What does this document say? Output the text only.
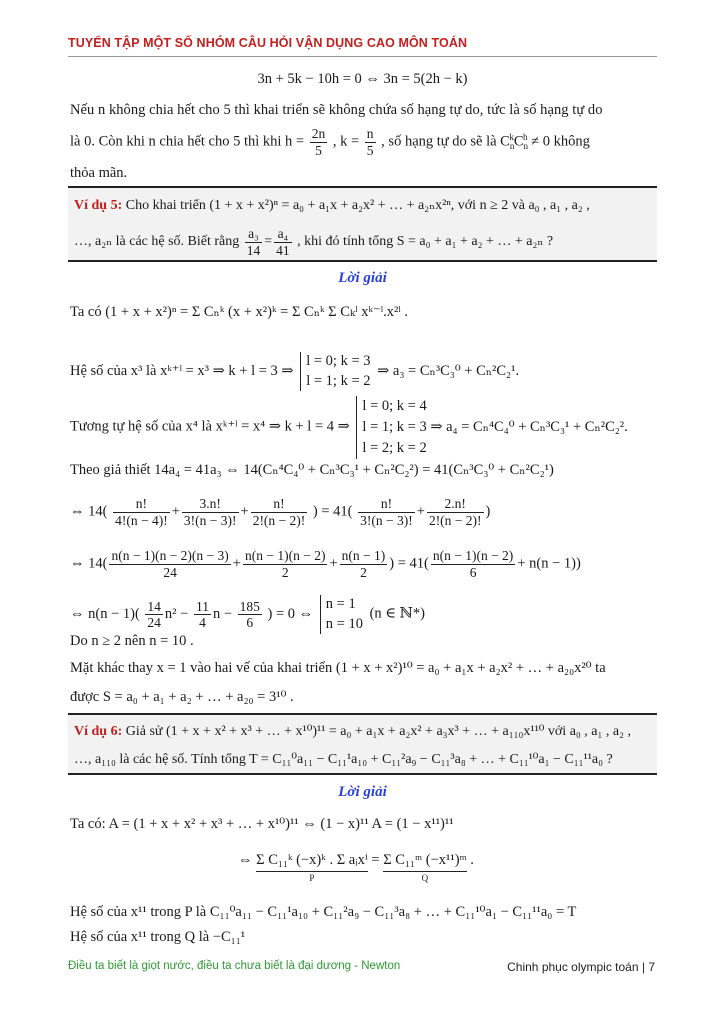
TUYỂN TẬP MỘT SỐ NHÓM CÂU HỎI VẬN DỤNG CAO MÔN TOÁN
3n + 5k − 10h = 0 ⇔ 3n = 5(2h − k)
Nếu n không chia hết cho 5 thì khai triển sẽ không chứa số hạng tự do, tức là số hạng tự do
là 0. Còn khi n chia hết cho 5 thì khi $h = \frac{2n}{5}$ , $k = \frac{n}{5}$ , số hạng tự do sẽ là $C_n^kC_n^h \ne 0$ không
thỏa mãn.
Ví dụ 5: Cho khai triển (1 + x + x²)ⁿ = a₀ + a₁x + a₂x² + … + a₂ₙx²ⁿ, với n ≥ 2 và a₀ , a₁ , a₂ ,
…, a₂ₙ là các hệ số. Biết rằng $\frac{\text{a₃}}{14} = \frac{\text{a₄}}{41}$ , khi đó tính tổng S = a₀ + a₁ + a₂ + … + a₂ₙ ?
Lời giải
Ta có (1 + x + x²)ⁿ = Σ Cₙᵏ (x + x²)ᵏ = Σ Cₙᵏ Σ Cₖˡ xᵏ⁻ˡ.x²ˡ .
Hệ số của x³ là xᵏ⁺ˡ = x³ ⇒ k + l = 3 ⇒
l = 0; k = 3
l = 1; k = 2
⇒ a₃ = Cₙ³C₃⁰ + Cₙ²C₂¹.
Tương tự hệ số của x⁴ là xᵏ⁺ˡ = x⁴ ⇒ k + l = 4 ⇒
l = 0; k = 4
l = 1; k = 3 ⇒ a₄ = Cₙ⁴C₄⁰ + Cₙ³C₃¹ + Cₙ²C₂².
l = 2; k = 2
Theo giả thiết 14a₄ = 41a₃ ⇔ 14(Cₙ⁴C₄⁰ + Cₙ³C₃¹ + Cₙ²C₂²) = 41(Cₙ³C₃⁰ + Cₙ²C₂¹)
⇔ $14( \frac{n!}{4!(n - 4)!} + \frac{3.n!}{3!(n - 3)!} + \frac{n!}{2!(n - 2)!}$ ) = $41( \frac{n!}{3!(n - 3)!} + \frac{2.n!}{2!(n - 2)!}$ )
⇔ $14( \frac{n(n - 1)(n - 2)(n - 3)}{24} + \frac{n(n - 1)(n - 2)}{2} + \frac{n(n - 1)}{2}$ ) = $41( \frac{n(n - 1)(n - 2)}{6} + n(n - 1))$
⇔ $n(n - 1)( \frac{14}{24} n^2 - \frac{11}{4}$ $n - \frac{185}{6}$ ) = 0 ⇔
n = 1
n = 10
(n ∈ ℕ*)
Do n ≥ 2 nên n = 10 .
Mặt khác thay x = 1 vào hai vế của khai triển (1 + x + x²)¹⁰ = a₀ + a₁x + a₂x² + … + a₂₀x²⁰ ta
được S = a₀ + a₁ + a₂ + … + a₂₀ = 3¹⁰ .
Ví dụ 6: Giả sử (1 + x + x² + x³ + … + x¹⁰)¹¹ = a₀ + a₁x + a₂x² + a₃x³ + … + a₁₁₀x¹¹⁰ với a₀ , a₁ , a₂ ,
…, a₁₁₀ là các hệ số. Tính tổng T = C₁₁⁰a₁₁ − C₁₁¹a₁₀ + C₁₁²a₉ − C₁₁³a₈ + … + C₁₁¹⁰a₁ − C₁₁¹¹a₀ ?
Lời giải
Ta có: A = (1 + x + x² + x³ + … + x¹⁰)¹¹ ⇔ (1 − x)¹¹ A = (1 − x¹¹)¹¹
⇔ Σ C₁₁ᵏ (−x)ᵏ . Σ aᵢxⁱ
P
= Σ C₁₁ᵐ (−x¹¹)ᵐ
Q
.
Hệ số của x¹¹ trong P là C₁₁⁰a₁₁ − C₁₁¹a₁₀ + C₁₁²a₉ − C₁₁³a₈ + … + C₁₁¹⁰a₁ − C₁₁¹¹a₀ = T
Hệ số của x¹¹ trong Q là −C₁₁¹
Điều ta biết là giọt nước, điều ta chưa biết là đại dương - Newton	Chinh phục olympic toán | 7
